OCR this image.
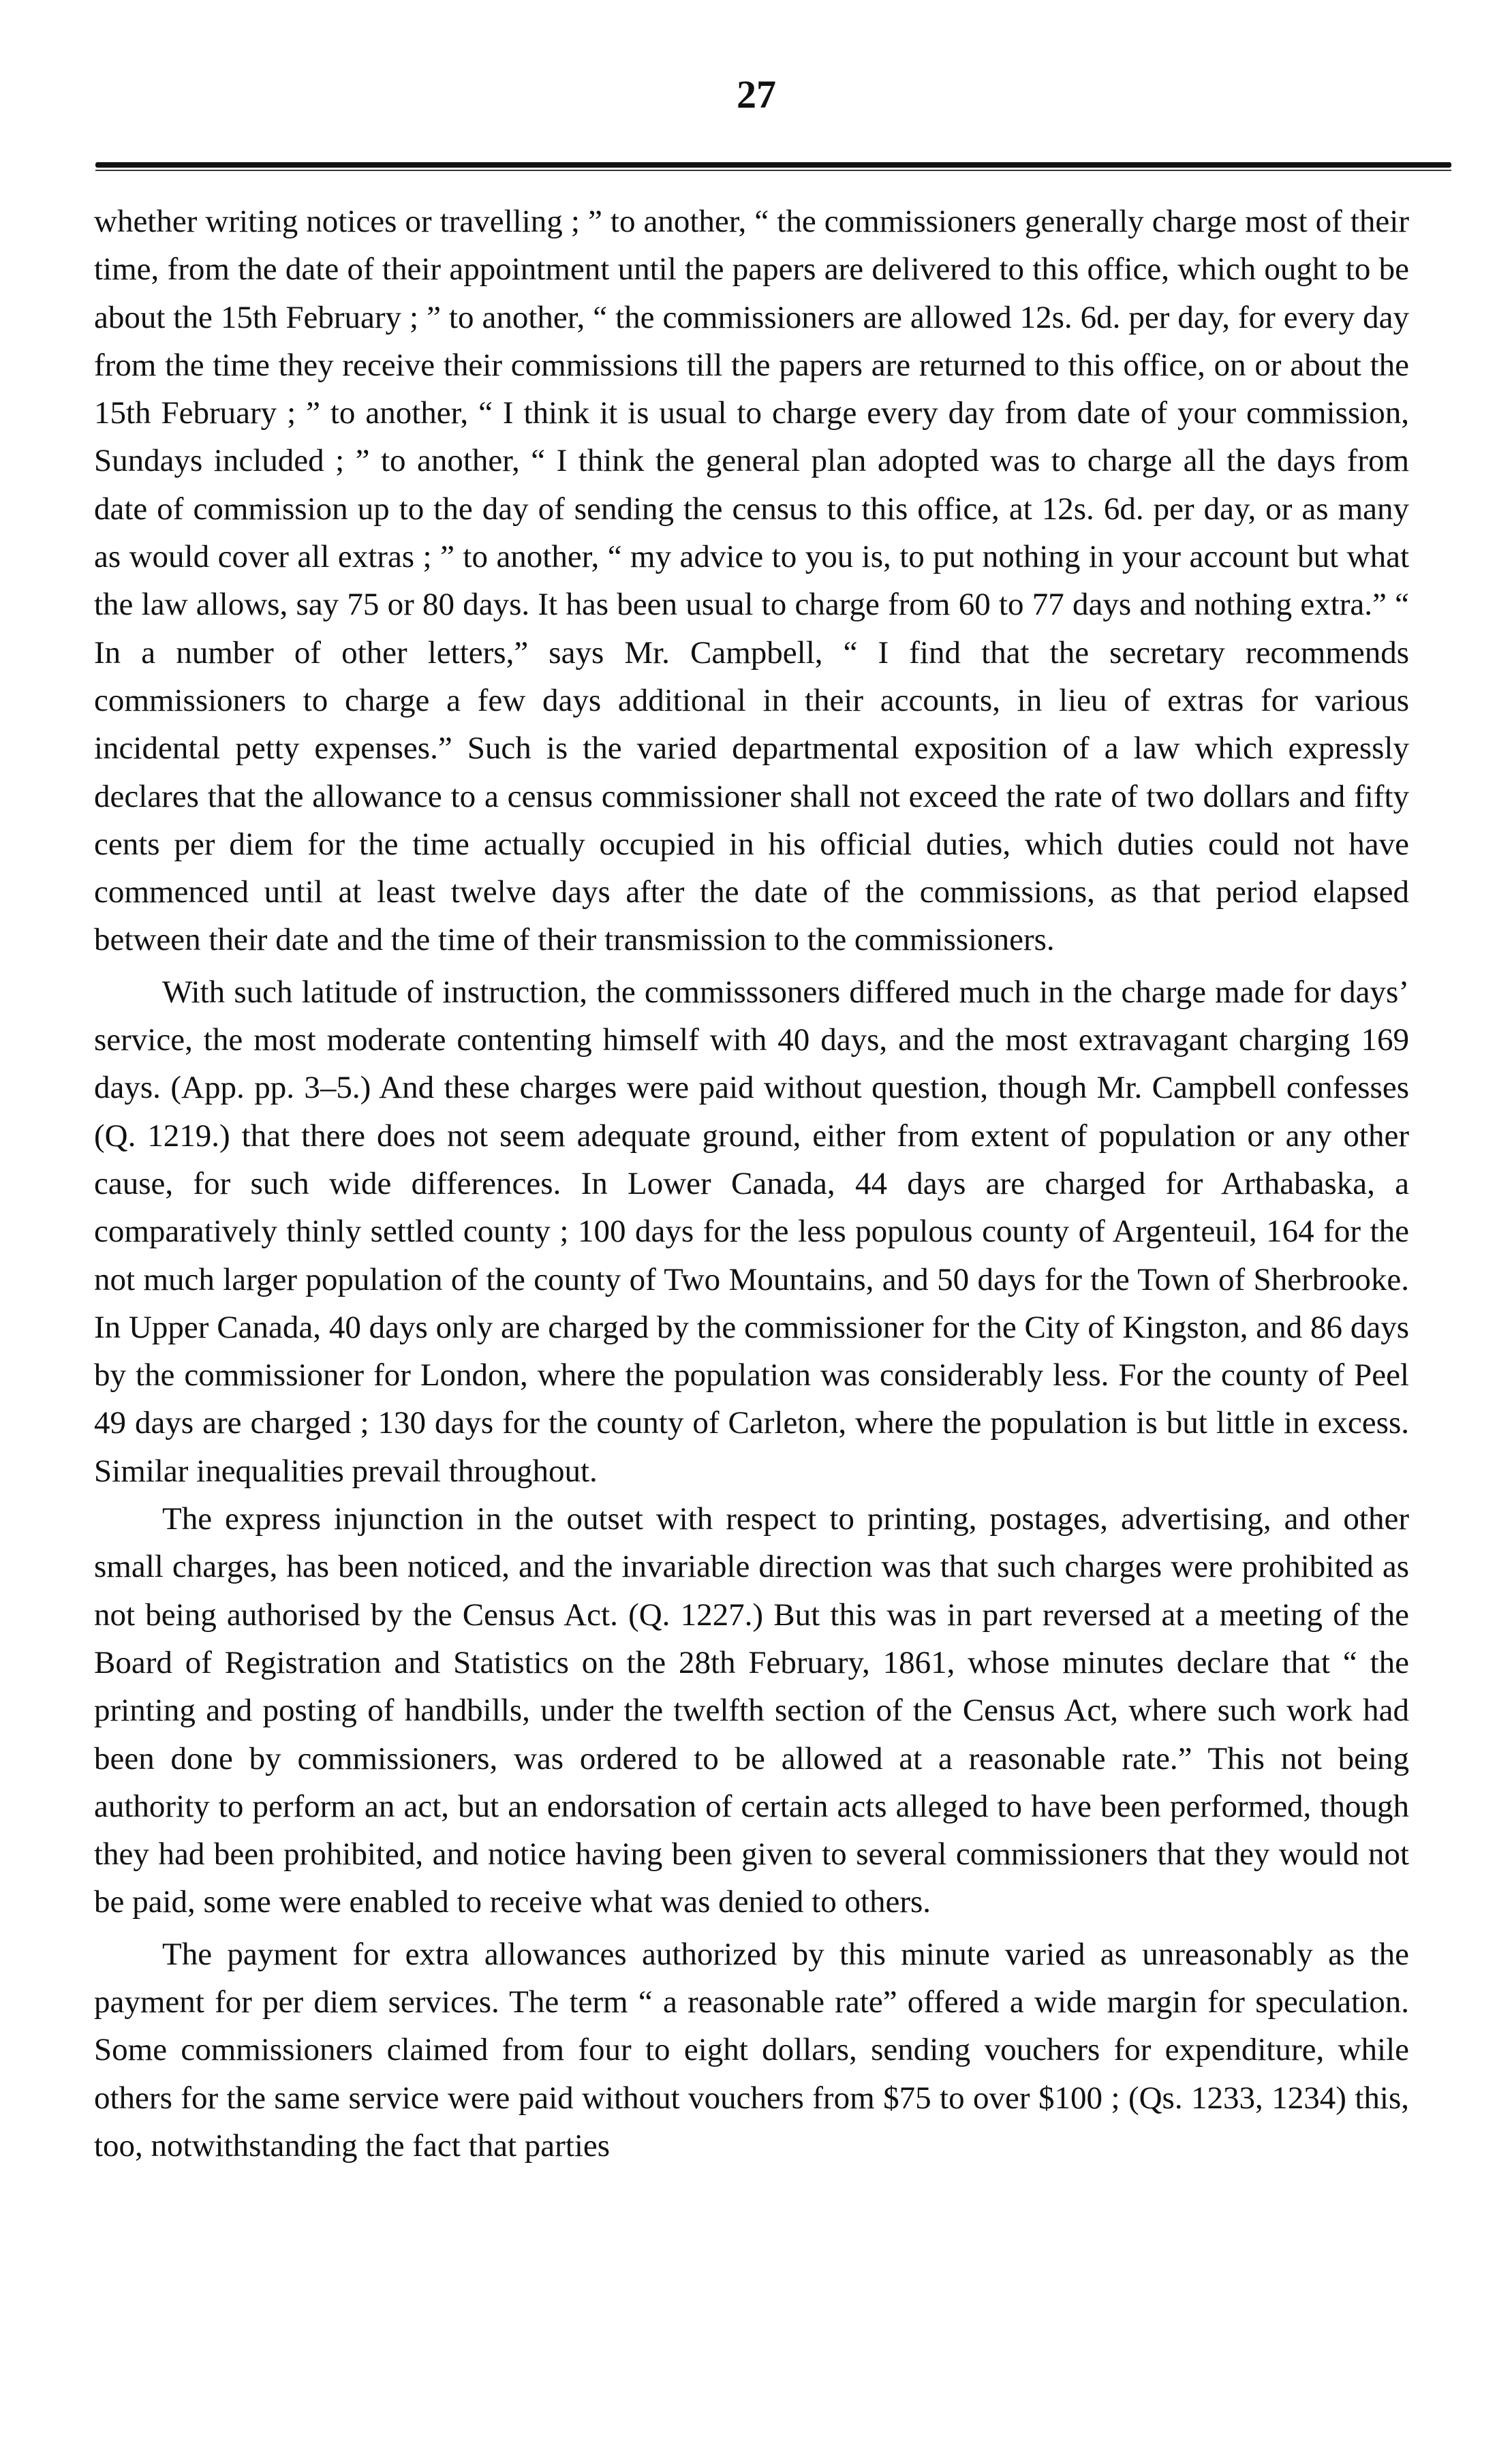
27

whether writing notices or travelling ; ” to another, “ the commissioners generally charge most of their time, from the date of their appointment until the papers are delivered to this office, which ought to be about the 15th February ; ” to another, “ the commissioners are allowed 12s. 6d. per day, for every day from the time they receive their commissions till the papers are returned to this office, on or about the 15th February ; ” to another, “ I think it is usual to charge every day from date of your commission, Sundays included ; ” to another, “ I think the general plan adopted was to charge all the days from date of commission up to the day of sending the census to this office, at 12s. 6d. per day, or as many as would cover all extras ; ” to another, “ my advice to you is, to put nothing in your account but what the law allows, say 75 or 80 days. It has been usual to charge from 60 to 77 days and nothing extra.” “ In a number of other letters,” says Mr. Campbell, “ I find that the secretary recommends commissioners to charge a few days additional in their accounts, in lieu of extras for various incidental petty expenses.” Such is the varied departmental exposition of a law which expressly declares that the allowance to a census commissioner shall not exceed the rate of two dollars and fifty cents per diem for the time actually occupied in his official duties, which duties could not have commenced until at least twelve days after the date of the commissions, as that period elapsed between their date and the time of their transmission to the commissioners.

With such latitude of instruction, the commisssoners differed much in the charge made for days’ service, the most moderate contenting himself with 40 days, and the most extravagant charging 169 days. (App. pp. 3–5.) And these charges were paid without question, though Mr. Campbell confesses (Q. 1219.) that there does not seem adequate ground, either from extent of population or any other cause, for such wide differences. In Lower Canada, 44 days are charged for Arthabaska, a comparatively thinly settled county ; 100 days for the less populous county of Argenteuil, 164 for the not much larger population of the county of Two Mountains, and 50 days for the Town of Sherbrooke. In Upper Canada, 40 days only are charged by the commissioner for the City of Kingston, and 86 days by the commissioner for London, where the population was considerably less. For the county of Peel 49 days are charged ; 130 days for the county of Carleton, where the population is but little in excess. Similar inequalities prevail throughout.

The express injunction in the outset with respect to printing, postages, advertising, and other small charges, has been noticed, and the invariable direction was that such charges were prohibited as not being authorised by the Census Act. (Q. 1227.) But this was in part reversed at a meeting of the Board of Registration and Statistics on the 28th February, 1861, whose minutes declare that “ the printing and posting of handbills, under the twelfth section of the Census Act, where such work had been done by commissioners, was ordered to be allowed at a reasonable rate.” This not being authority to perform an act, but an endorsation of certain acts alleged to have been performed, though they had been prohibited, and notice having been given to several commissioners that they would not be paid, some were enabled to receive what was denied to others.

The payment for extra allowances authorized by this minute varied as unreasonably as the payment for per diem services. The term “ a reasonable rate” offered a wide margin for speculation. Some commissioners claimed from four to eight dollars, sending vouchers for expenditure, while others for the same service were paid without vouchers from $75 to over $100 ; (Qs. 1233, 1234) this, too, notwithstanding the fact that parties
